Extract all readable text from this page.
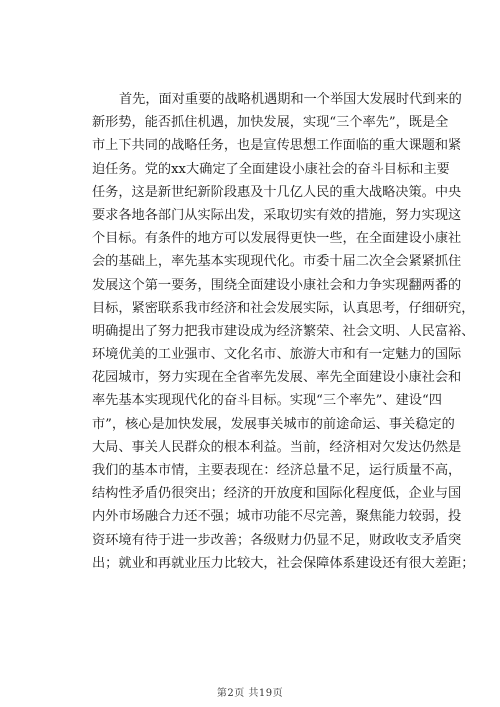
首先，面对重要的战略机遇期和一个举国大发展时代到来的
新形势，能否抓住机遇，加快发展，实现“三个率先”，既是全
市上下共同的战略任务，也是宣传思想工作面临的重大课题和紧
迫任务。党的xx大确定了全面建设小康社会的奋斗目标和主要
任务，这是新世纪新阶段惠及十几亿人民的重大战略决策。中央
要求各地各部门从实际出发，采取切实有效的措施，努力实现这
个目标。有条件的地方可以发展得更快一些，在全面建设小康社
会的基础上，率先基本实现现代化。市委十届二次全会紧紧抓住
发展这个第一要务，围绕全面建设小康社会和力争实现翻两番的
目标，紧密联系我市经济和社会发展实际，认真思考，仔细研究，
明确提出了努力把我市建设成为经济繁荣、社会文明、人民富裕、
环境优美的工业强市、文化名市、旅游大市和有一定魅力的国际
花园城市，努力实现在全省率先发展、率先全面建设小康社会和
率先基本实现现代化的奋斗目标。实现“三个率先”、建设“四
市”，核心是加快发展，发展事关城市的前途命运、事关稳定的
大局、事关人民群众的根本利益。当前，经济相对欠发达仍然是
我们的基本市情，主要表现在：经济总量不足，运行质量不高，
结构性矛盾仍很突出；经济的开放度和国际化程度低，企业与国
内外市场融合力还不强；城市功能不尽完善，聚焦能力较弱，投
资环境有待于进一步改善；各级财力仍显不足，财政收支矛盾突
出；就业和再就业压力比较大，社会保障体系建设还有很大差距；
第2页 共19页
